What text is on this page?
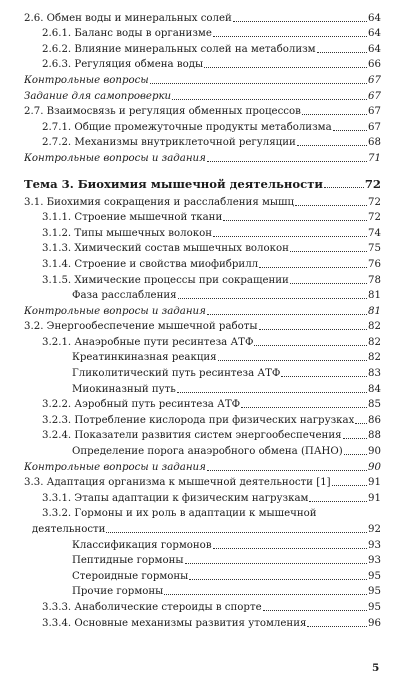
2.6. Обмен воды и минеральных солей	64
2.6.1. Баланс воды в организме	64
2.6.2. Влияние минеральных солей на метаболизм	64
2.6.3. Регуляция обмена воды	66
Контрольные вопросы	67
Задание для самопроверки	67
2.7. Взаимосвязь и регуляция обменных процессов	67
2.7.1. Общие промежуточные продукты метаболизма	67
2.7.2. Механизмы внутриклеточной регуляции	68
Контрольные вопросы и задания	71
Тема 3. Биохимия мышечной деятельности	72
3.1. Биохимия сокращения и расслабления мышц	72
3.1.1. Строение мышечной ткани	72
3.1.2. Типы мышечных волокон	74
3.1.3. Химический состав мышечных волокон	75
3.1.4. Строение и свойства миофибрилл	76
3.1.5. Химические процессы при сокращении	78
Фаза расслабления	81
Контрольные вопросы и задания	81
3.2. Энергообеспечение мышечной работы	82
3.2.1. Анаэробные пути ресинтеза АТФ	82
Креатинкиназная реакция	82
Гликолитический путь ресинтеза АТФ	83
Миокиназный путь	84
3.2.2. Аэробный путь ресинтеза АТФ	85
3.2.3. Потребление кислорода при физических нагрузках 86
3.2.4. Показатели развития систем энергообеспечения	88
Определение порога анаэробного обмена (ПАНО) 90
Контрольные вопросы и задания	90
3.3. Адаптация организма к мышечной деятельности [1]	91
3.3.1. Этапы адаптации к физическим нагрузкам	91
3.3.2. Гормоны и их роль в адаптации к мышечной
деятельности	92
Классификация гормонов	93
Пептидные гормоны	93
Стероидные гормоны	95
Прочие гормоны	95
3.3.3. Анаболические стероиды в спорте	95
3.3.4. Основные механизмы развития утомления	96
5
